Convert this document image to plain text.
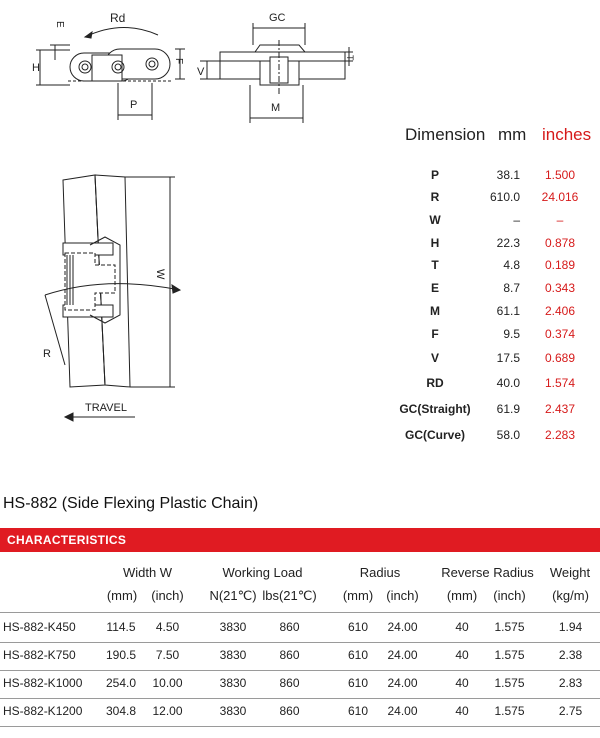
Rd
E
H
F
P
GC
V
T
M
R
W
TRAVEL
Dimension mm inches
P	38.1	1.500
R	610.0	24.016
W	–	–
H	22.3	0.878
T	4.8	0.189
E	8.7	0.343
M	61.1	2.406
F	9.5	0.374
V	17.5	0.689
RD	40.0	1.574
GC(Straight)	61.9	2.437
GC(Curve)	58.0	2.283
HS-882 (Side Flexing Plastic Chain)
CHARACTERISTICS
Width W	Working Load	Radius	Reverse Radius	Weight
(mm)	(inch)	N(21℃) lbs(21℃)	(mm)	(inch)	(mm)	(inch)	(kg/m)
HS-882-K450	114.5	4.50	3830	860	610	24.00	40	1.575	1.94
HS-882-K750	190.5	7.50	3830	860	610	24.00	40	1.575	2.38
HS-882-K1000	254.0	10.00	3830	860	610	24.00	40	1.575	2.83
HS-882-K1200	304.8	12.00	3830	860	610	24.00	40	1.575	2.75
